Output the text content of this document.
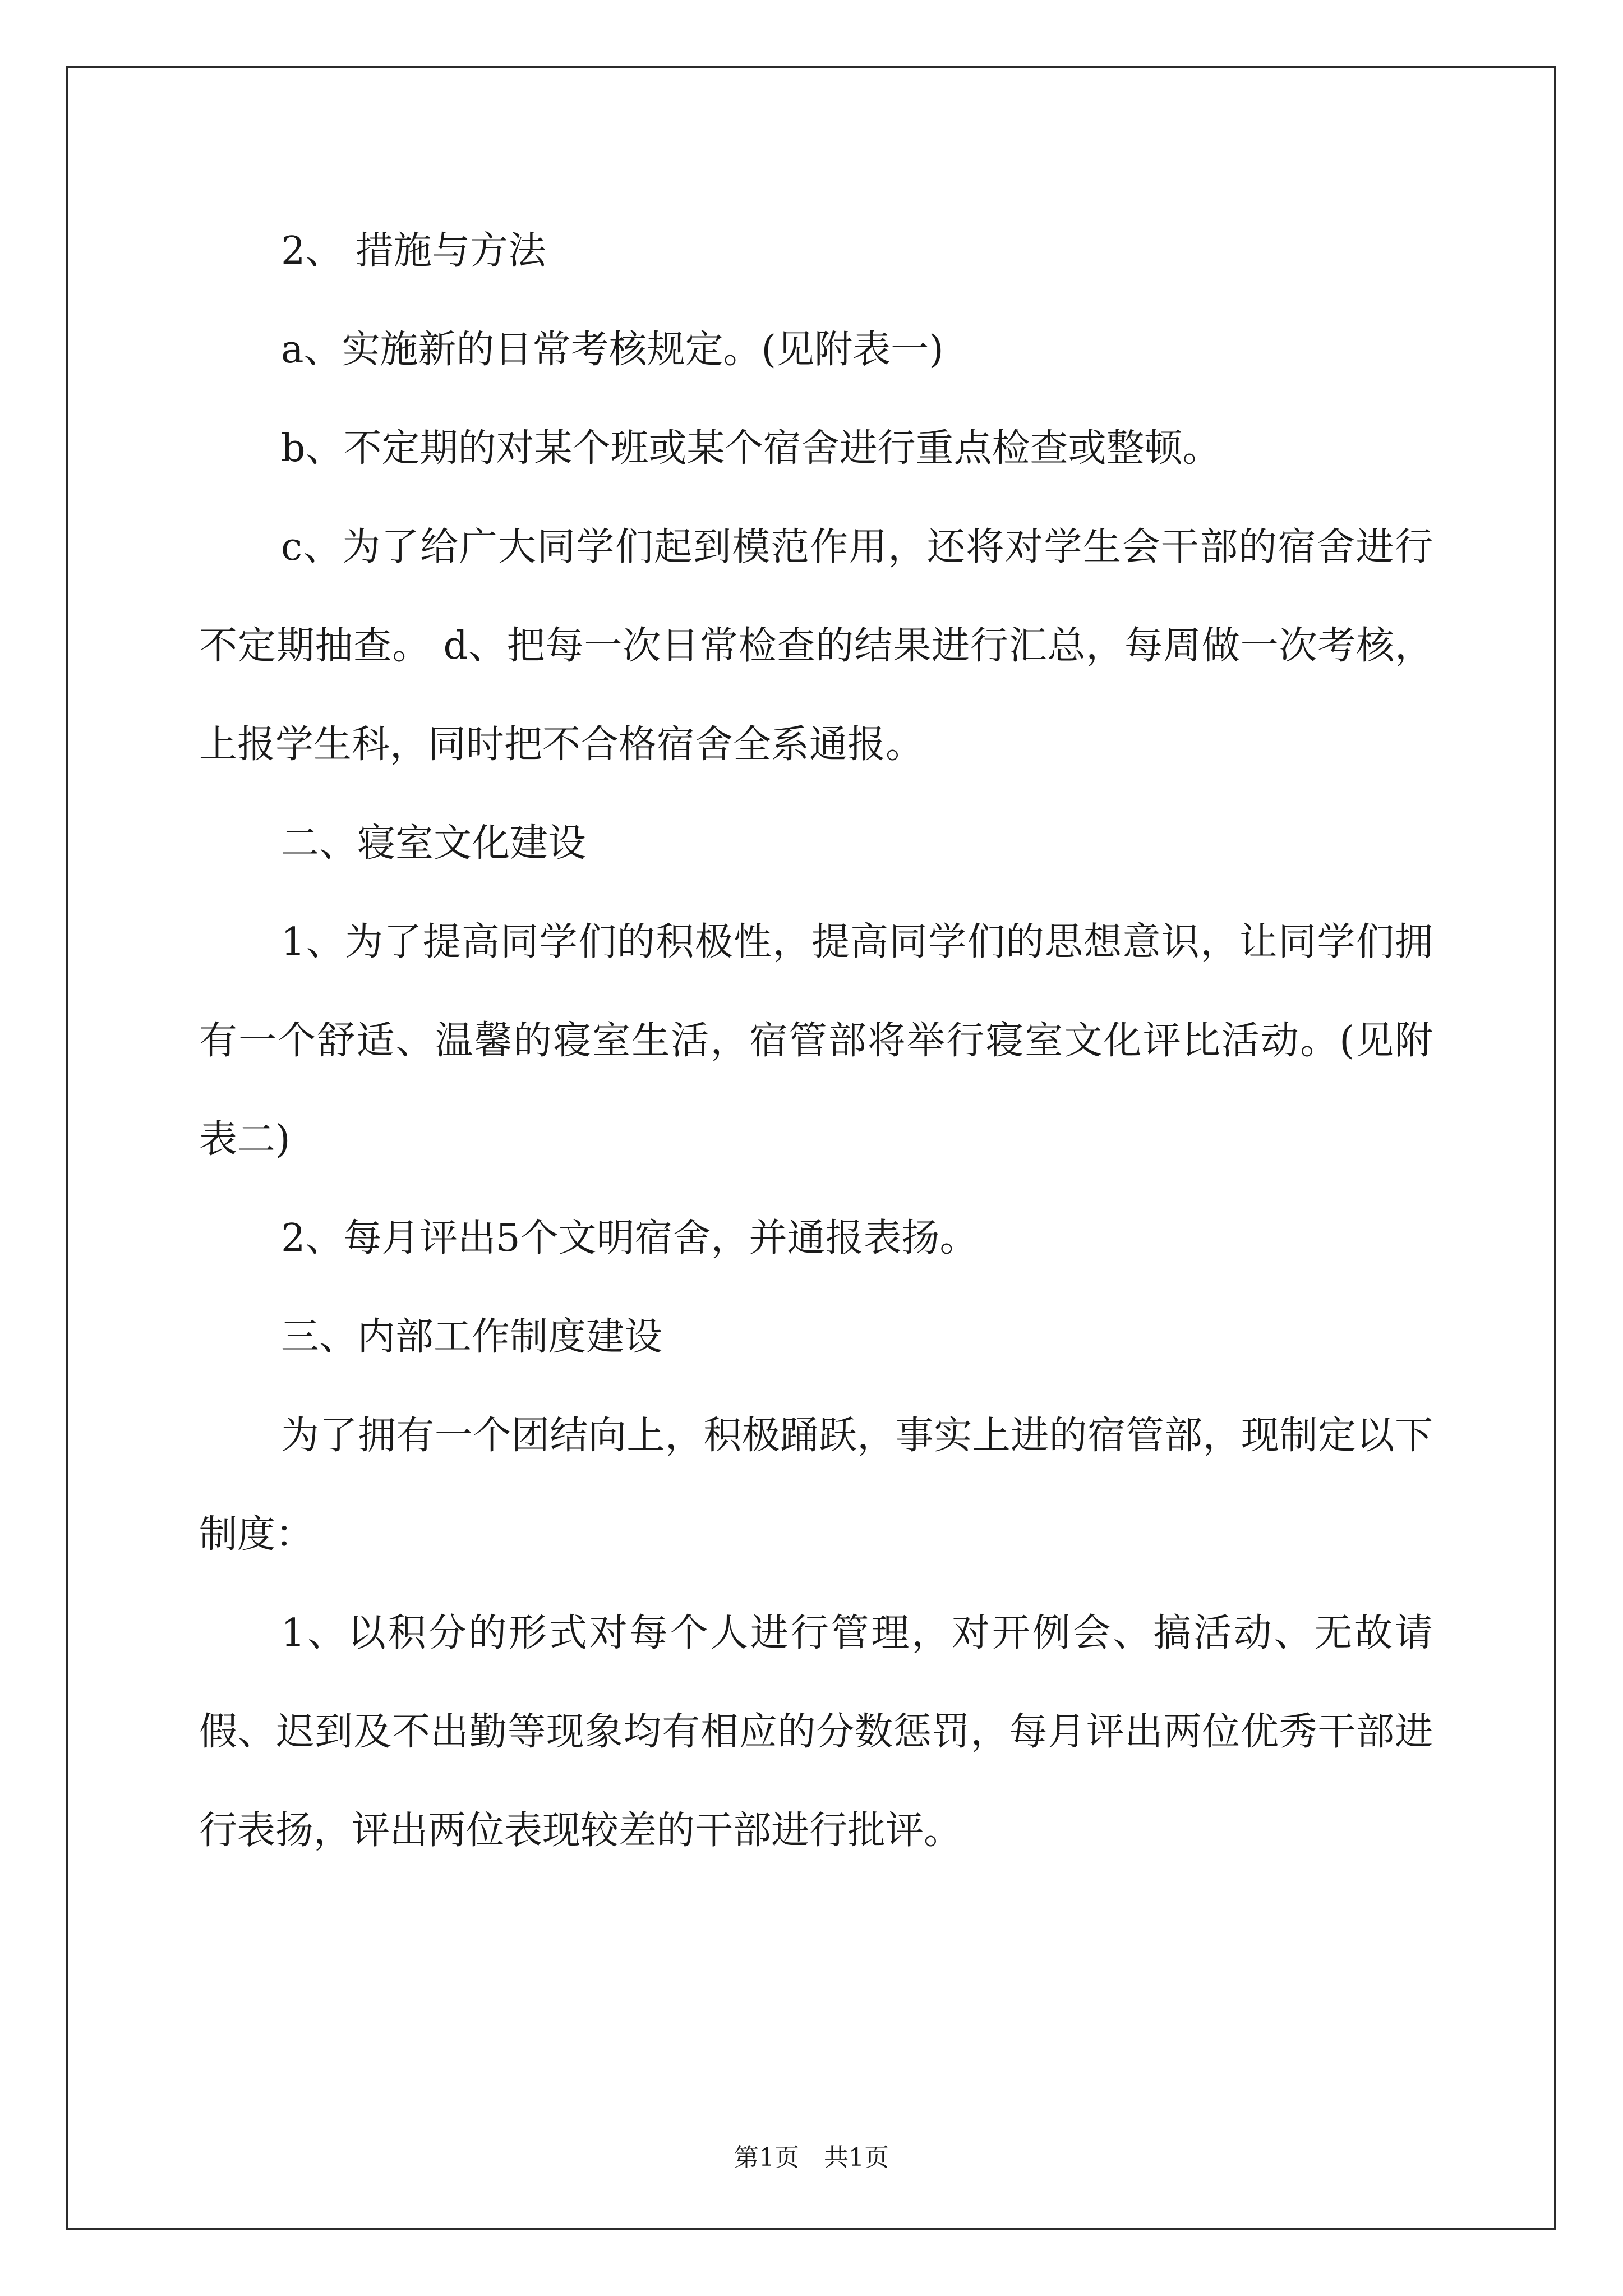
2、 措施与方法

a、实施新的日常考核规定。(见附表一)

b、不定期的对某个班或某个宿舍进行重点检查或整顿。

c、为了给广大同学们起到模范作用，还将对学生会干部的宿舍进行不定期抽查。 d、把每一次日常检查的结果进行汇总，每周做一次考核，上报学生科，同时把不合格宿舍全系通报。

二、寝室文化建设

1、为了提高同学们的积极性，提高同学们的思想意识，让同学们拥有一个舒适、温馨的寝室生活，宿管部将举行寝室文化评比活动。(见附表二)

2、每月评出5个文明宿舍，并通报表扬。

三、内部工作制度建设

为了拥有一个团结向上，积极踊跃，事实上进的宿管部，现制定以下制度：

1、以积分的形式对每个人进行管理，对开例会、搞活动、无故请假、迟到及不出勤等现象均有相应的分数惩罚，每月评出两位优秀干部进行表扬，评出两位表现较差的干部进行批评。

第1页　共1页
